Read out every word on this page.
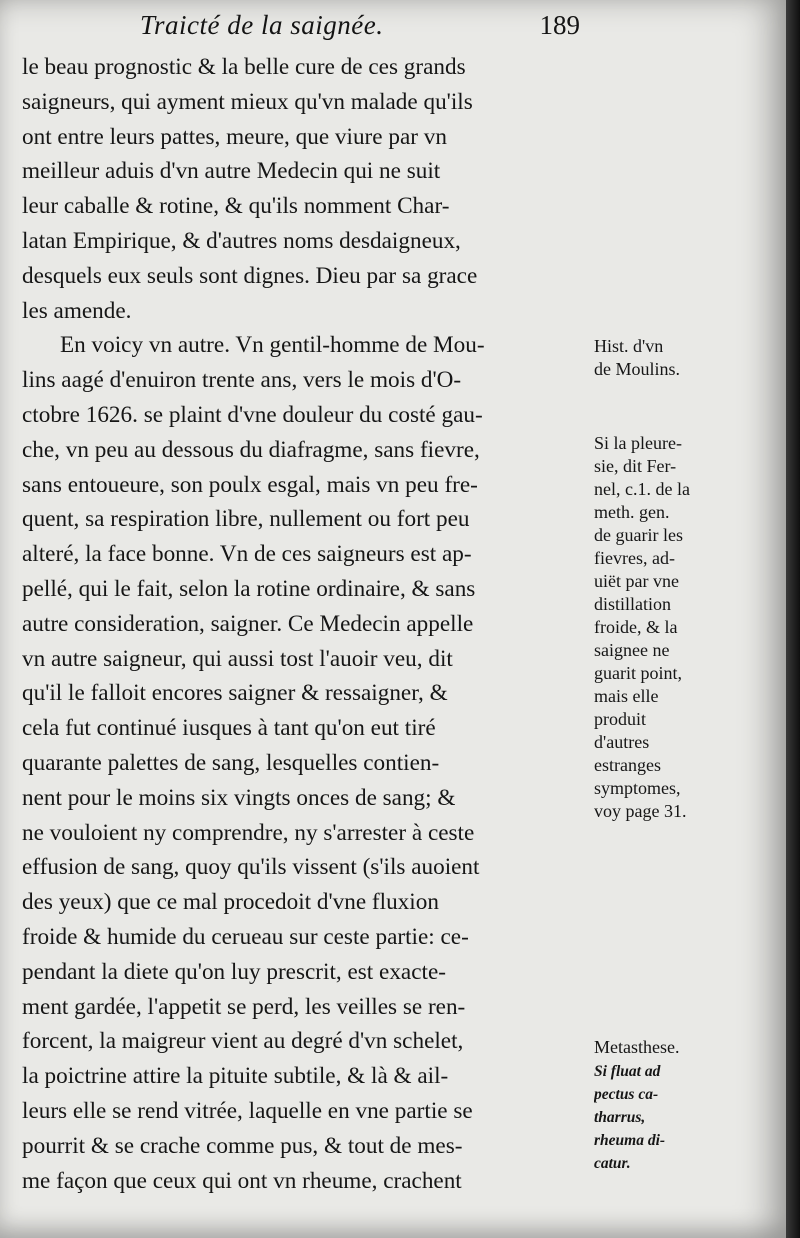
Traicté de la saignée.	189
le beau prognostic & la belle cure de ces grands
saigneurs, qui ayment mieux qu'vn malade qu'ils
ont entre leurs pattes, meure, que viure par vn
meilleur aduis d'vn autre Medecin qui ne suit
leur caballe & rotine, & qu'ils nomment Char-
latan Empirique, & d'autres noms desdaigneux,
desquels eux seuls sont dignes. Dieu par sa grace
les amende.
En voicy vn autre. Vn gentil-homme de Mou-
lins aagé d'enuiron trente ans, vers le mois d'O-
ctobre 1626. se plaint d'vne douleur du costé gau-
che, vn peu au dessous du diafragme, sans fievre,
sans entoueure, son poulx esgal, mais vn peu fre-
quent, sa respiration libre, nullement ou fort peu
alteré, la face bonne. Vn de ces saigneurs est ap-
pellé, qui le fait, selon la rotine ordinaire, & sans
autre consideration, saigner. Ce Medecin appelle
vn autre saigneur, qui aussi tost l'auoir veu, dit
qu'il le falloit encores saigner & ressaigner, &
cela fut continué iusques à tant qu'on eut tiré
quarante palettes de sang, lesquelles contien-
nent pour le moins six vingts onces de sang; &
ne vouloient ny comprendre, ny s'arrester à ceste
effusion de sang, quoy qu'ils vissent (s'ils auoient
des yeux) que ce mal procedoit d'vne fluxion
froide & humide du cerueau sur ceste partie: ce-
pendant la diete qu'on luy prescrit, est exacte-
ment gardée, l'appetit se perd, les veilles se ren-
forcent, la maigreur vient au degré d'vn schelet,
la poictrine attire la pituite subtile, & là & ail-
leurs elle se rend vitrée, laquelle en vne partie se
pourrit & se crache comme pus, & tout de mes-
me façon que ceux qui ont vn rheume, crachent
Hist. d'vn
de Moulins.
Si la pleure-
sie, dit Fer-
nel, c.1. de la
meth. gen.
de guarir les
fievres, ad-
uiët par vne
distillation
froide, & la
saignee ne
guarit point,
mais elle
produit
d'autres
estranges
symptomes,
voy page 31.
Metasthese.
Si fluat ad
pectus ca-
tharrus,
rheuma di-
catur.
